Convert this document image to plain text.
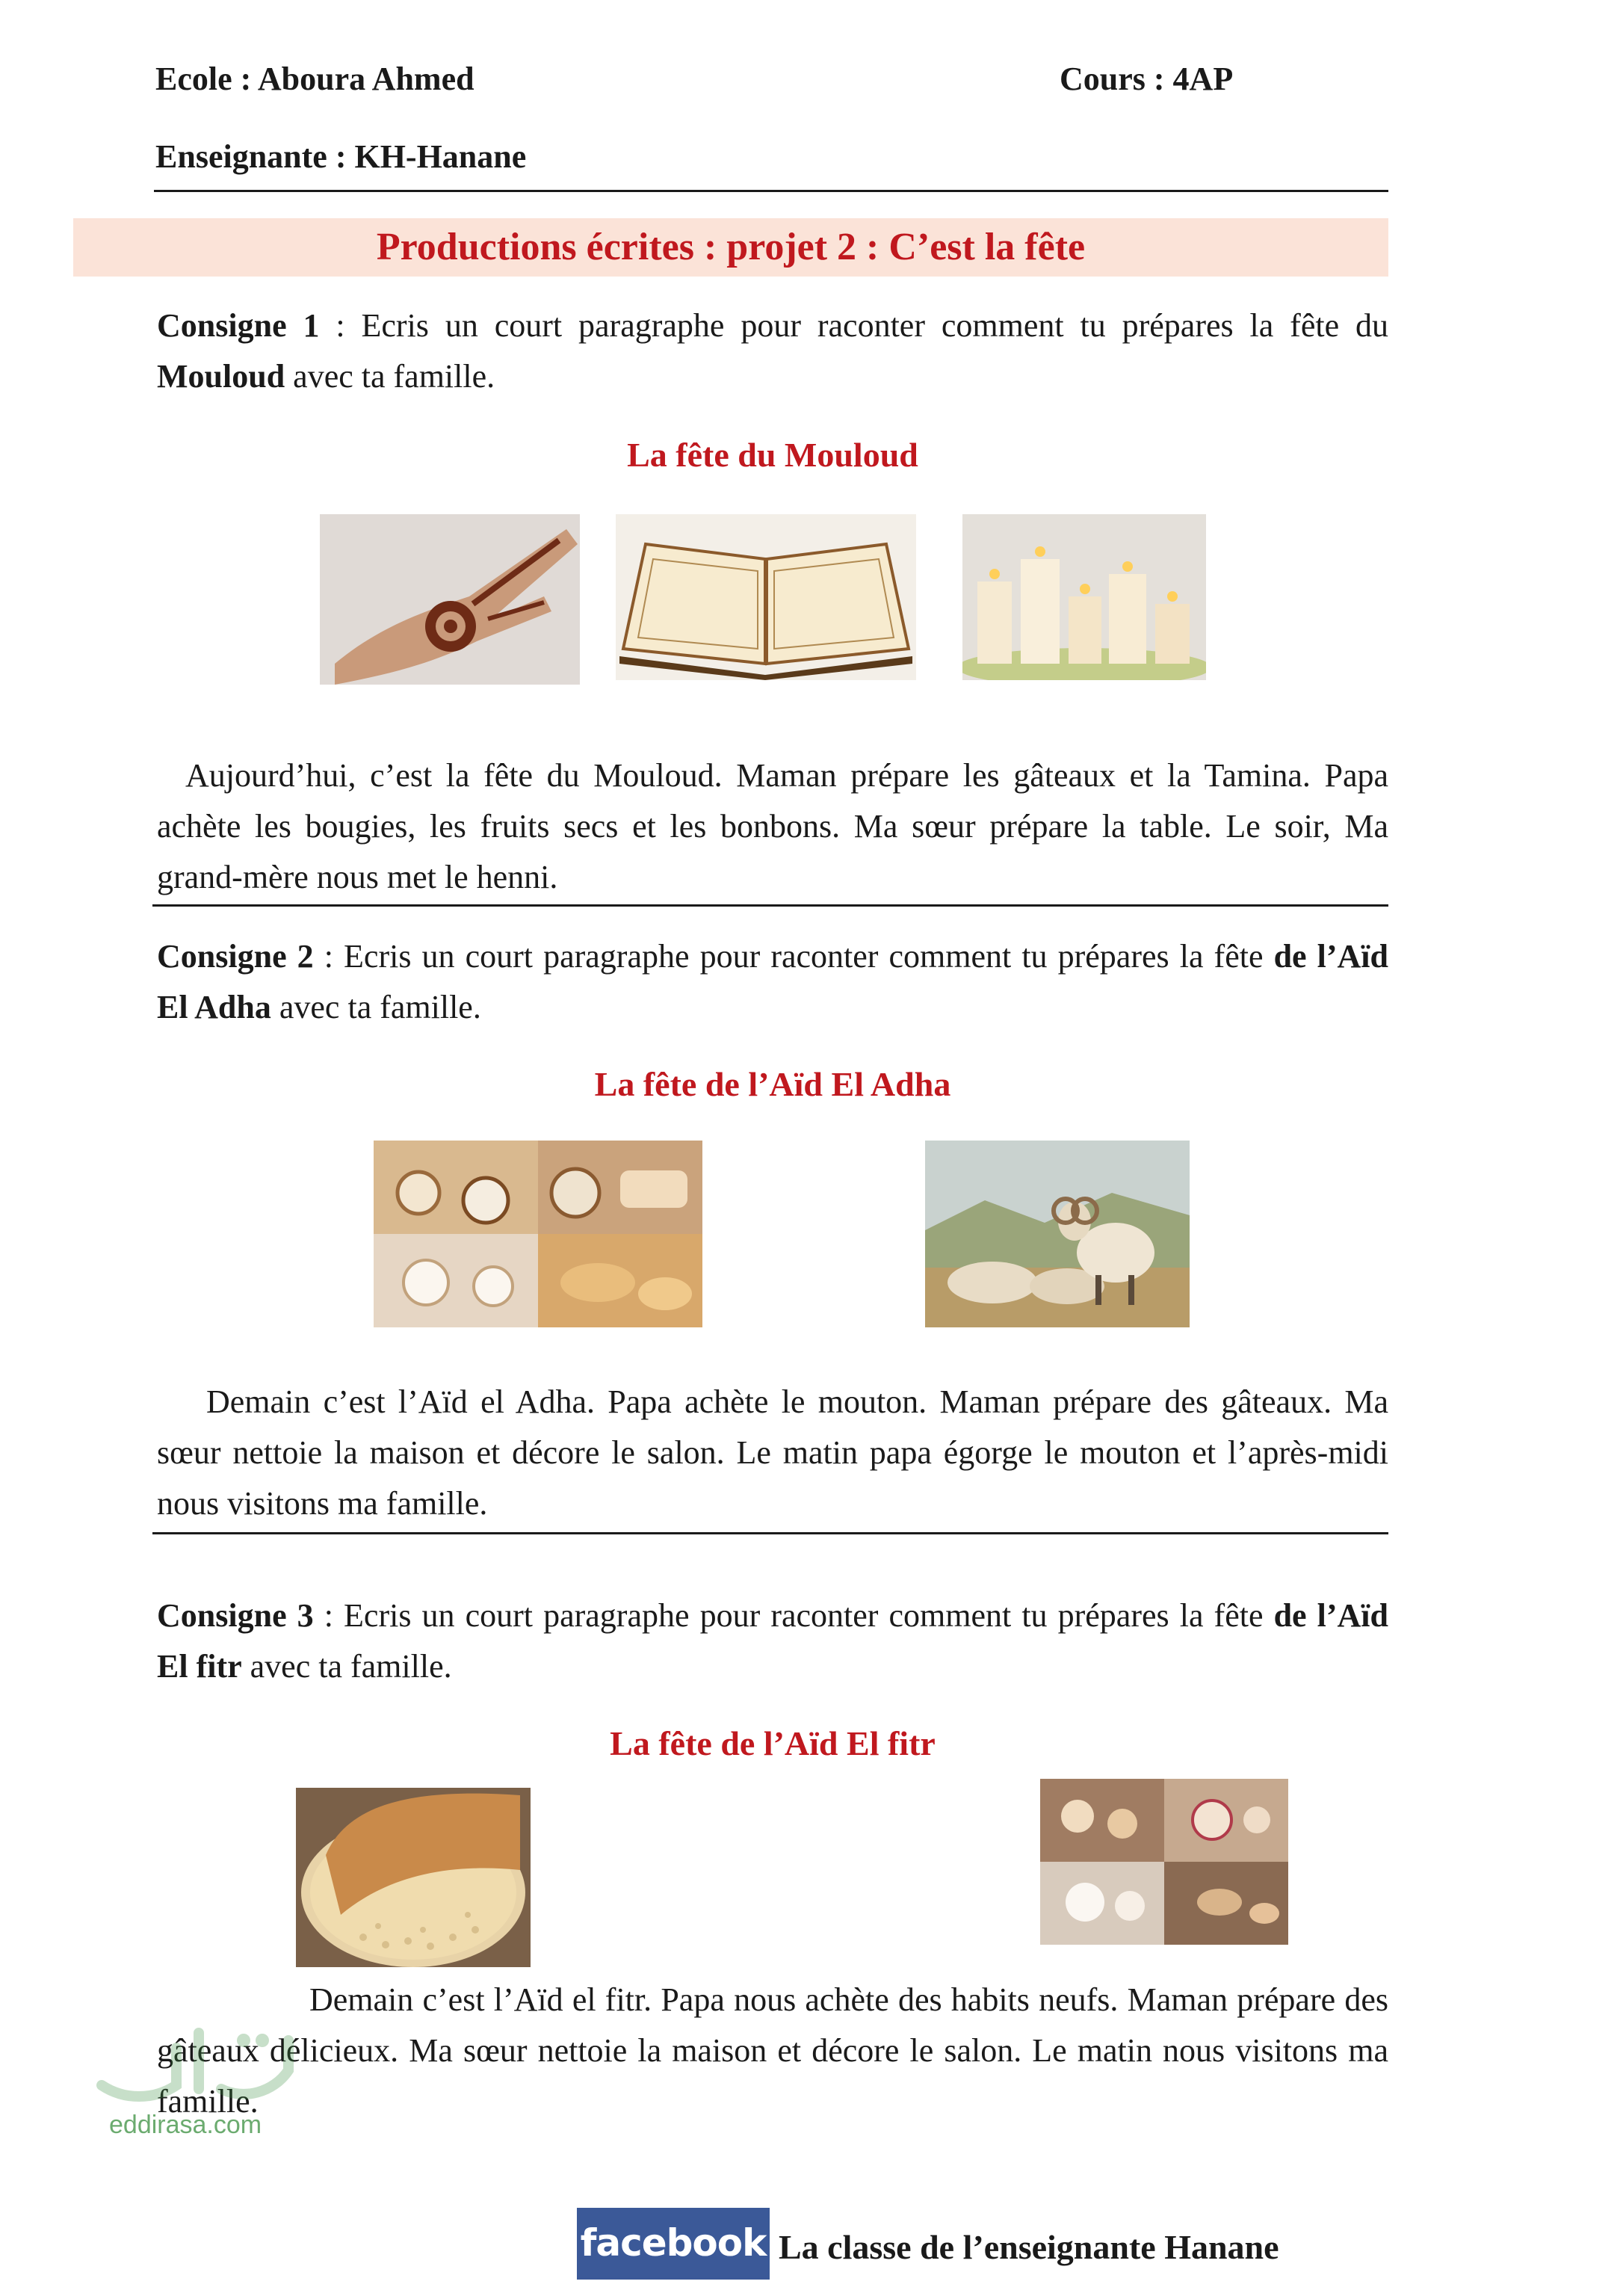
Ecole : Aboura Ahmed	Cours : 4AP
Enseignante : KH-Hanane
Productions écrites : projet 2 : C’est la fête
Consigne 1 : Ecris un court paragraphe pour raconter comment tu prépares la fête du Mouloud avec ta famille.
La fête du Mouloud
Aujourd’hui, c’est la fête du Mouloud. Maman prépare les gâteaux et la Tamina. Papa achète les bougies, les fruits secs et les bonbons. Ma sœur prépare la table. Le soir, Ma grand-mère nous met le henni.
Consigne 2 : Ecris un court paragraphe pour raconter comment tu prépares la fête de l’Aïd El Adha avec ta famille.
La fête de l’Aïd El Adha
Demain c’est l’Aïd el Adha. Papa achète le mouton. Maman prépare des gâteaux. Ma sœur nettoie la maison et décore le salon. Le matin papa égorge le mouton et l’après-midi nous visitons ma famille.
Consigne 3 : Ecris un court paragraphe pour raconter comment tu prépares la fête de l’Aïd El fitr avec ta famille.
La fête de l’Aïd El fitr
Demain c’est l’Aïd el fitr. Papa nous achète des habits neufs. Maman prépare des gâteaux délicieux. Ma sœur nettoie la maison et décore le salon. Le matin nous visitons ma famille.
eddirasa.com
facebook La classe de l’enseignante Hanane
